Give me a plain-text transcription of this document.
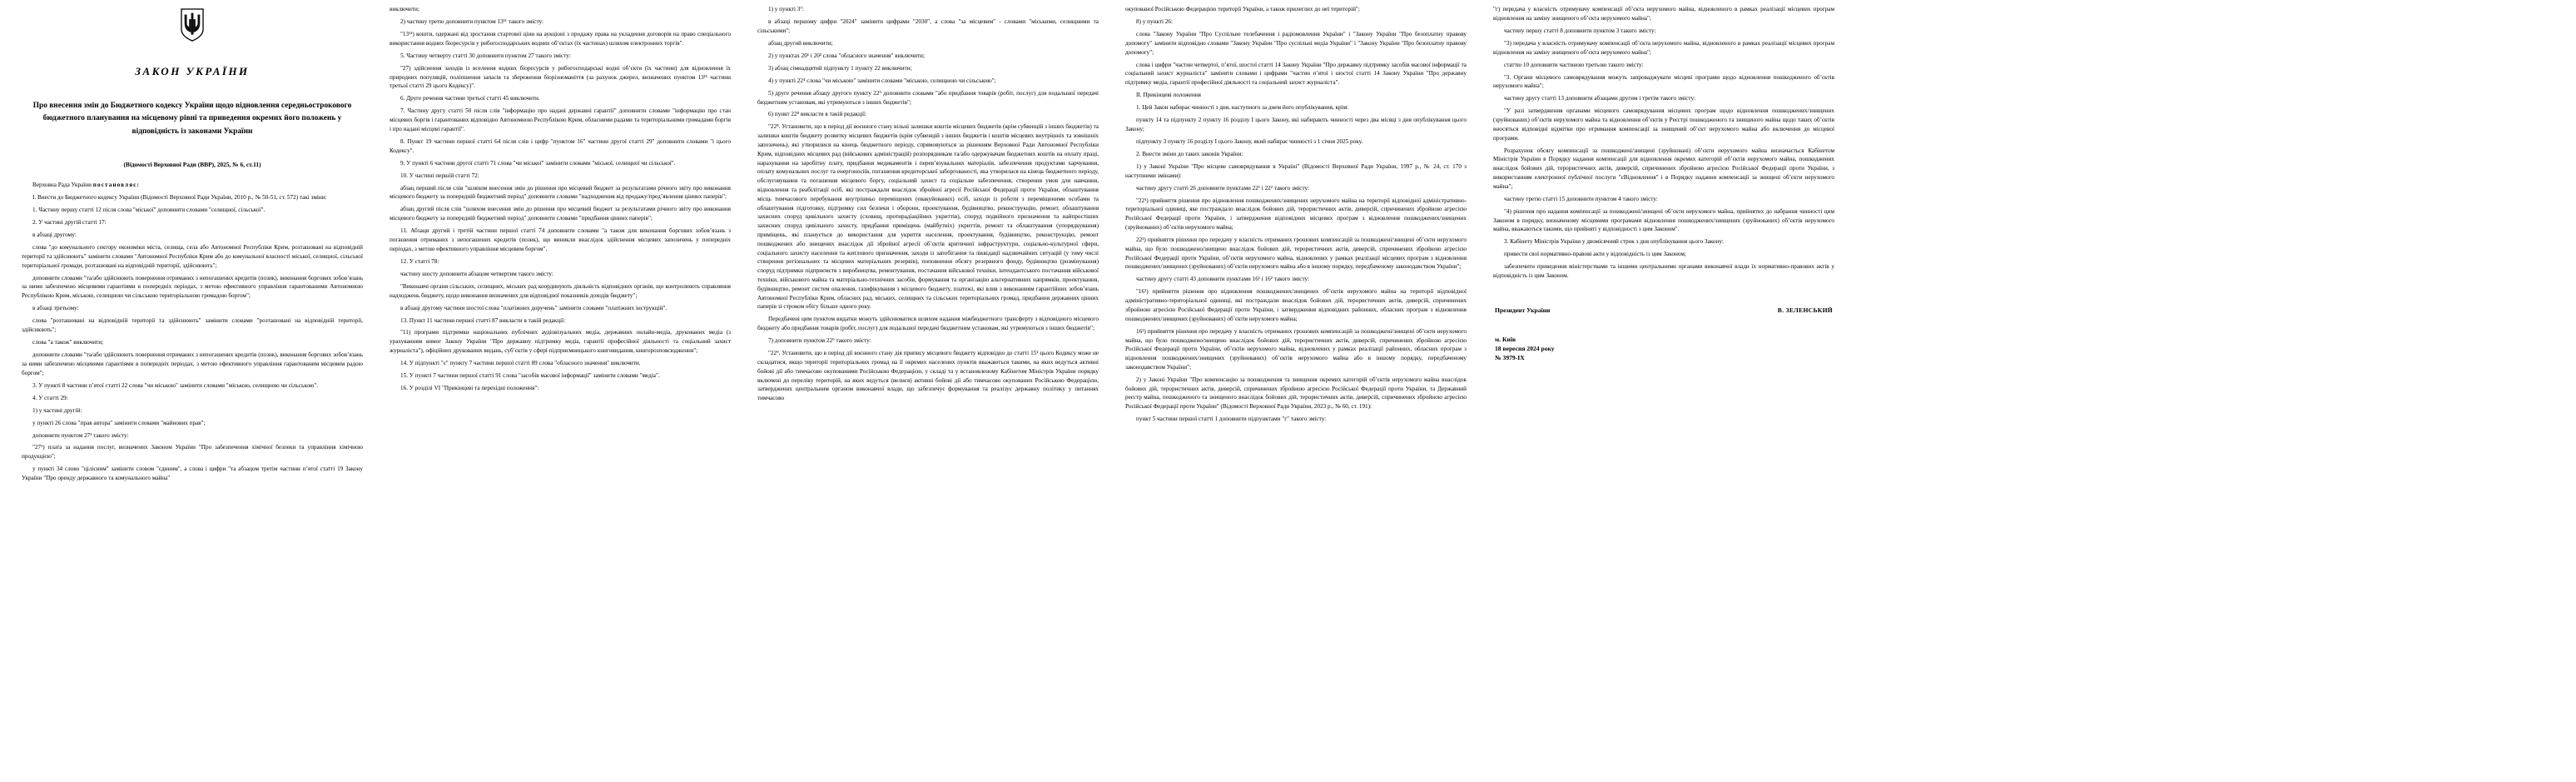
ЗАКОН УКРАЇНИ
Про внесення змін до Бюджетного кодексу України щодо відновлення середньострокового бюджетного планування на місцевому рівні та приведення окремих його положень у відповідність із законами України
(Відомості Верховної Ради (ВВР), 2025, № 6, ст.11)

Верховна Рада України постановляє:

I. Внести до Бюджетного кодексу України (Відомості Верховної Ради України, 2010 р., № 50-51, ст. 572) такі зміни:

1. Частину першу статті 12 після слова "міської" доповнити словами "селищної, сільської".

2. У частині другій статті 17:

в абзаці другому:

слова "до комунального сектору економіки міста, селища, села або Автономної Республіки Крим, розташовані на відповідній території та здійснюють" замінити словами "Автономної Республіки Крим або до комунальної власності міської, селищної, сільської територіальної громади, розташовані на відповідній території, здійснюють";

доповнити словами "та/або здійснюють повернення отриманих з непогашених кредитів (позик), виконання боргових зобов’язань за ними забезпечено місцевими гарантіями в попередніх періодах, з метою ефективного управління гарантованими Автономною Республікою Крим, міською, селищною чи сільською територіальною громадою боргом";

в абзаці третьому:

слова "розташовані на відповідній території та здійснюють" замінити словами "розташовані на відповідній території, здійснюють";

слова "а також" виключити;

доповнити словами "та/або здійснюють повернення отриманих з непогашених кредитів (позик), виконання боргових зобов’язань за ними забезпечено місцевими гарантіями в попередніх періодах, з метою ефективного управління гарантованим місцевим радою боргом";

3. У пункті 8 частини п’ятої статті 22 слова "чи міською" замінити словами "міською, селищною чи сільською".

4. У статті 29:

1) у частині другій:

у пункті 26 слова "прав автора" замінити словами "майнових прав";

доповнити пунктом 27¹ такого змісту:

"27¹) плата за надання послуг, визначених Законом України "Про забезпечення хімічної безпеки та управління хімічною продукцією";

у пункті 34 слово "цілісним" замінити словом "єдиним", а слова і цифри "та абзацом третім частини п’ятої статті 19 Закону України "Про оренду державного та комунального майна"

виключити;

2) частину третю доповнити пунктом 13¹¹ такого змісту:

"13¹¹) кошти, одержані від зростання стартової ціни на аукціоні з продажу права на укладення договорів на право спеціального використання водних біоресурсів у рибогосподарських водних об’єктах (їх частинах) шляхом електронних торгів".

5. Частину четверту статті 30 доповнити пунктом 27 такого змісту:

"27) здійснення заходів із вселення водних біоресурсів у рибогосподарські водні об’єкти (їх частини) для відновлення їх природних популяцій, поліпшення запасів та збереження біорізноманіття (за рахунок джерел, визначених пунктом 13¹¹ частини третьої статті 29 цього Кодексу)".

6. Друге речення частини третьої статті 45 виключити.

7. Частину другу статті 50 після слів "інформацію про надані державні гарантії" доповнити словами "інформацію про стан місцевих боргів і гарантованих відповідно Автономною Республікою Крим, обласними радами та територіальними громадами боргів і про надані місцеві гарантії".

8. Пункт 19 частини першої статті 64 після слів і цифр "пунктом 16" частини другої статті 29" доповнити словами "і цього Кодексу".

9. У пункті 6 частини другої статті 71 слова "чи міської" замінити словами "міської, селищної чи сільської".

10. У частині першій статті 72:

абзац перший після слів "шляхом внесення змін до рішення про місцевий бюджет за результатами річного звіту про виконання місцевого бюджету за попередній бюджетний період" доповнити словами "надходження від продажу/пред’явлення цінних паперів";

абзац другий після слів "шляхом внесення змін до рішення про місцевий бюджет за результатами річного звіту про виконання місцевого бюджету за попередній бюджетний період" доповнити словами "придбання цінних паперів";

11. Абзаци другий і третій частини першої статті 74 доповнити словами "а також для виконання боргових зобов’язань з погашення отриманих з непогашених кредитів (позик), що виникли внаслідок здійснення місцевих запозичень у попередніх періодах, з метою ефективного управління місцевим боргом".

12. У статті 78:

частину шосту доповнити абзацом четвертим такого змісту:

"Виконавчі органи сільських, селищних, міських рад координують діяльність відповідних органів, що контролюють справляння надходжень бюджету, щодо виконання визначених для відповідної показників доходів бюджету";

в абзаці другому частини шостої слова "платіжних доручень" замінити словами "платіжних інструкцій".

13. Пункт 11 частини першої статті 87 викласти в такій редакції:

"11) програми підтримки національних публічних аудіовізуальних медіа, державних онлайн-медіа, друкованих медіа (з урахуванням вимог Закону України "Про державну підтримку медіа, гарантії професійної діяльності та соціальний захист журналіста"), офіційних друкованих видань, суб’єктів у сфері підприємницького книговидання, книгорозповсюдження";

14. У підпункті "є" пункту 7 частини першої статті 89 слова "обласного значення" виключити.

15. У пункті 7 частини першої статті 91 слова "засобів масової інформації" замінити словами "медіа".

16. У розділі VI "Прикінцеві та перехідні положення":

1) у пункті 3⁷:

в абзаці першому цифри "2024" замінити цифрами "2030", а слова "за місцевим" - словами "міськими, селищними та сільськими";

абзац другий виключити;

2) у пунктах 20¹ і 20² слова "обласного значення" виключити;

3) абзац сімнадцятий підпункту 1 пункту 22 виключити;

4) у пункті 22⁴ слова "чи міською" замінити словами "міською, селищною чи сільською";

5) друге речення абзацу другого пункту 22⁵ доповнити словами "або придбання товарів (робіт, послуг) для подальшої передачі бюджетним установам, які утримуються з інших бюджетів";

6) пункт 22⁸ викласти в такій редакції:

"22⁸. Установити, що в період дії воєнного стану вільні залишки коштів місцевих бюджетів (крім субвенцій з інших бюджетів) та залишки коштів бюджету розвитку місцевих бюджетів (крім субвенцій з інших бюджетів і коштів місцевих внутрішніх та зовнішніх запозичень), які утворилися на кінець бюджетного періоду, спрямовуються за рішенням Верховної Ради Автономної Республіки Крим, відповідних місцевих рад (військових адміністрацій) розпорядникам та/або одержувачам бюджетних коштів на оплату праці, нарахування на заробітну плату, придбання медикаментів і перев’язувальних матеріалів, забезпечення продуктами харчування, оплату комунальних послуг та енергоносіїв, погашення кредиторської заборгованості, яка утворилася на кінець бюджетного періоду, обслуговування та погашення місцевого боргу, соціальний захист та соціальне забезпечення, створення умов для навчання, відновлення та реабілітації осіб, які постраждали внаслідок збройної агресії Російської Федерації проти України, облаштування місць тимчасового перебування внутрішньо переміщених (евакуйованих) осіб, заходи із роботи з переміщеними особами та облаштування підготовку, підтримку сил безпеки і оборони, проектування, будівництво, реконструкцію, ремонт, облаштування захисних споруд цивільного захисту (сховищ, протирадіаційних укриттів), споруд подвійного призначення та найпростіших захисних споруд цивільного захисту, придбання приміщень (майбутніх) укриттів, ремонт та облаштування (упорядкування) приміщень, які планується до використання для укриття населення, проектування, будівництво, реконструкцію, ремонт пошкоджених або знищених внаслідок дії збройної агресії об’єктів критичної інфраструктури, соціально-культурної сфери, соціального захисту населення та житлового призначення, заходи із запобігання та ліквідації надзвичайних ситуацій (у тому числі створення регіональних та місцевих матеріальних резервів), поповнення обсягу резервного фонду, будівництво (розмінування) споруд підтримки підприємств з виробництва, ремонтування, постачання військової техніки, інтендантського постачання військової техніки, військового майна та матеріально-технічних засобів, формування та організацію альтернативних напрямків, проектування, будівництво, ремонт систем опалення, газифікування з місцевого бюджету, платежі, які влив з виконанням гарантійних зобов’язань Автономної Республіки Крим, обласних рад, міських, селищних та сільських територіальних громад, придбання державних цінних паперів зі строком обігу більше одного року.

Передбачені цим пунктом видатки можуть здійснюватися шляхом надання міжбюджетного трансферту з відповідного місцевого бюджету або придбання товарів (робіт, послуг) для подальшої передачі бюджетним установам, які утримуються з інших бюджетів";

7) доповнити пунктом 22⁹ такого змісту:

"22⁹. Установити, що в період дії воєнного стану дія припису місцевого бюджету відповідно до статті 15¹ цього Кодексу може не складатися, якщо території територіальних громад на її окремих населених пунктів вважаються такими, на яких ведуться активні бойові дії або тимчасово окупованими Російською Федерацією, у складі та у встановленому Кабінетом Міністрів України порядку включені до переліку територій, на яких ведуться (велися) активні бойові дії або тимчасово окупованих Російською Федерацією, затверджених центральним органом виконавчої влади, що забезпечує формування та реалізує державну політику у питаннях тимчасово

окупованої Російською Федерацією території України, а також прилеглих до неї територій";

8) у пункті 26:

слова "Закону України "Про Суспільне телебачення і радіомовлення України" і "Закону України "Про безоплатну правову допомогу" замінити відповідно словами "Закону України "Про суспільні медіа України" і "Закону України "Про безоплатну правову допомогу";

слова і цифри "частин четвертої, п’ятої, шостої статті 14 Закону України "Про державну підтримку засобів масової інформації та соціальний захист журналіста" замінити словами і цифрами "частин п’ятої і шостої статті 14 Закону України "Про державну підтримку медіа, гарантії професійної діяльності та соціальний захист журналіста".

II. Прикінцеві положення

1. Цей Закон набирає чинності з дня, наступного за днем його опублікування, крім:

пункту 14 та підпункту 2 пункту 16 розділу I цього Закону, які набирають чинності через два місяці з дня опублікування цього Закону;

підпункту 3 пункту 16 розділу I цього Закону, який набирає чинності з 1 січня 2025 року.

2. Внести зміни до таких законів України:

1) у Законі України "Про місцеве самоврядування в Україні" (Відомості Верховної Ради України, 1997 р., № 24, ст. 170 з наступними змінами):

частину другу статті 26 доповнити пунктами 22¹ і 22² такого змісту:

"22¹) прийняття рішення про відновлення пошкоджених/знищених нерухомого майна на території відповідної адміністративно-територіальної одиниці, яке постраждало внаслідок бойових дій, терористичних актів, диверсій, спричинених збройною агресією Російської Федерації проти України, і затвердження відповідних місцевих програм з відновлення пошкоджених/знищених (зруйнованих) об’єктів нерухомого майна;

22²) прийняття рішення про передачу у власність отриманих грошових компенсацій за пошкоджені/знищені об’єкти нерухомого майна, що було пошкоджено/знищено внаслідок бойових дій, терористичних актів, диверсій, спричинених збройною агресією Російської Федерації проти України, об’єктів нерухомого майна, відновлених у рамках реалізації місцевих програм з відновлення пошкоджених/знищених (зруйнованих) об’єктів нерухомого майна або в іншому порядку, передбаченому законодавством України";

частину другу статті 43 доповнити пунктами 16¹ і 16² такого змісту:

"16¹) прийняття рішення про відновлення пошкоджених/знищених об’єктів нерухомого майна на території відповідної адміністративно-територіальної одиниці, які постраждали внаслідок бойових дій, терористичних актів, диверсій, спричинених збройною агресією Російської Федерації проти України, і затвердження відповідних районних, обласних програм з відновлення пошкоджених/знищених (зруйнованих) об’єктів нерухомого майна;

16²) прийняття рішення про передачу у власність отриманих грошових компенсацій за пошкоджені/знищені об’єкти нерухомого майна, що було пошкоджено/знищено внаслідок бойових дій, терористичних актів, диверсій, спричинених збройною агресією Російської Федерації проти України, об’єктів нерухомого майна, відновлених у рамках реалізації районних, обласних програм з відновлення пошкоджених/знищених (зруйнованих) об’єктів нерухомого майна або в іншому порядку, передбаченому законодавством України";

2) у Законі України "Про компенсацію за пошкодження та знищення окремих категорій об’єктів нерухомого майна внаслідок бойових дій, терористичних актів, диверсій, спричинених збройною агресією Російської Федерації проти України, та Державний реєстр майна, пошкодженого та знищеного внаслідок бойових дій, терористичних актів, диверсій, спричинених збройною агресією Російської Федерації проти України" (Відомості Верховної Ради України, 2023 р., № 60, ст. 191):

пункт 5 частини першої статті 1 доповнити підпунктами "г" такого змісту:

"г) передача у власність отримувачу компенсації об’єкта нерухомого майна, відновленого в рамках реалізації місцевих програм відновлення на заміну знищеного об’єкта нерухомого майна";

частину першу статті 8 доповнити пунктом 3 такого змісту:

"3) передача у власність отримувачу компенсації об’єкта нерухомого майна, відновленого в рамках реалізації місцевих програм відновлення на заміну знищеного об’єкта нерухомого майна";

статтю 10 доповнити частиною третьою такого змісту:

"3. Органи місцевого самоврядування можуть запроваджувати місцеві програми щодо відновлення пошкодженого об’єктів нерухомого майна";

частину другу статті 13 доповнити абзацами другим і третім такого змісту:

"У разі затвердження органами місцевого самоврядування місцевих програм щодо відновлення пошкоджених/знищених (зруйнованих) об’єктів нерухомого майна та відновлення об’єктів у Реєстрі пошкодженого та знищеного майна щодо таких об’єктів вносяться відповідні відмітки про отримання компенсації за знищений об’єкт нерухомого майна або включення до місцевої програми.

Розрахунок обсягу компенсації за пошкоджені/знищені (зруйновані) об’єкти нерухомого майна визначається Кабінетом Міністрів України в Порядку надання компенсації для відновлення окремих категорій об’єктів нерухомого майна, пошкоджених внаслідок бойових дій, терористичних актів, диверсій, спричинених збройною агресією Російської Федерації проти України, з використанням електронної публічної послуги "єВідновлення" і в Порядку надання компенсації за знищені об’єкти нерухомого майна";

частину третю статті 15 доповнити пунктом 4 такого змісту:

"4) рішення про надання компенсації за пошкоджені/знищені об’єкти нерухомого майна, прийнятих до набрання чинності цим Законом в порядку, визначеному місцевими програмами відновлення пошкоджених/знищених (зруйнованих) об’єктів нерухомого майна, вважаються такими, що прийняті у відповідності з цим Законом".

3. Кабінету Міністрів України у двомісячний строк з дня опублікування цього Закону:

привести свої нормативно-правові акти у відповідність із цим Законом;

забезпечити приведення міністерствами та іншими центральними органами виконавчої влади їх нормативно-правових актів у відповідність із цим Законом.

Президент України	В. ЗЕЛЕНСЬКИЙ
м. Київ
18 вересня 2024 року
№ 3979-IX
